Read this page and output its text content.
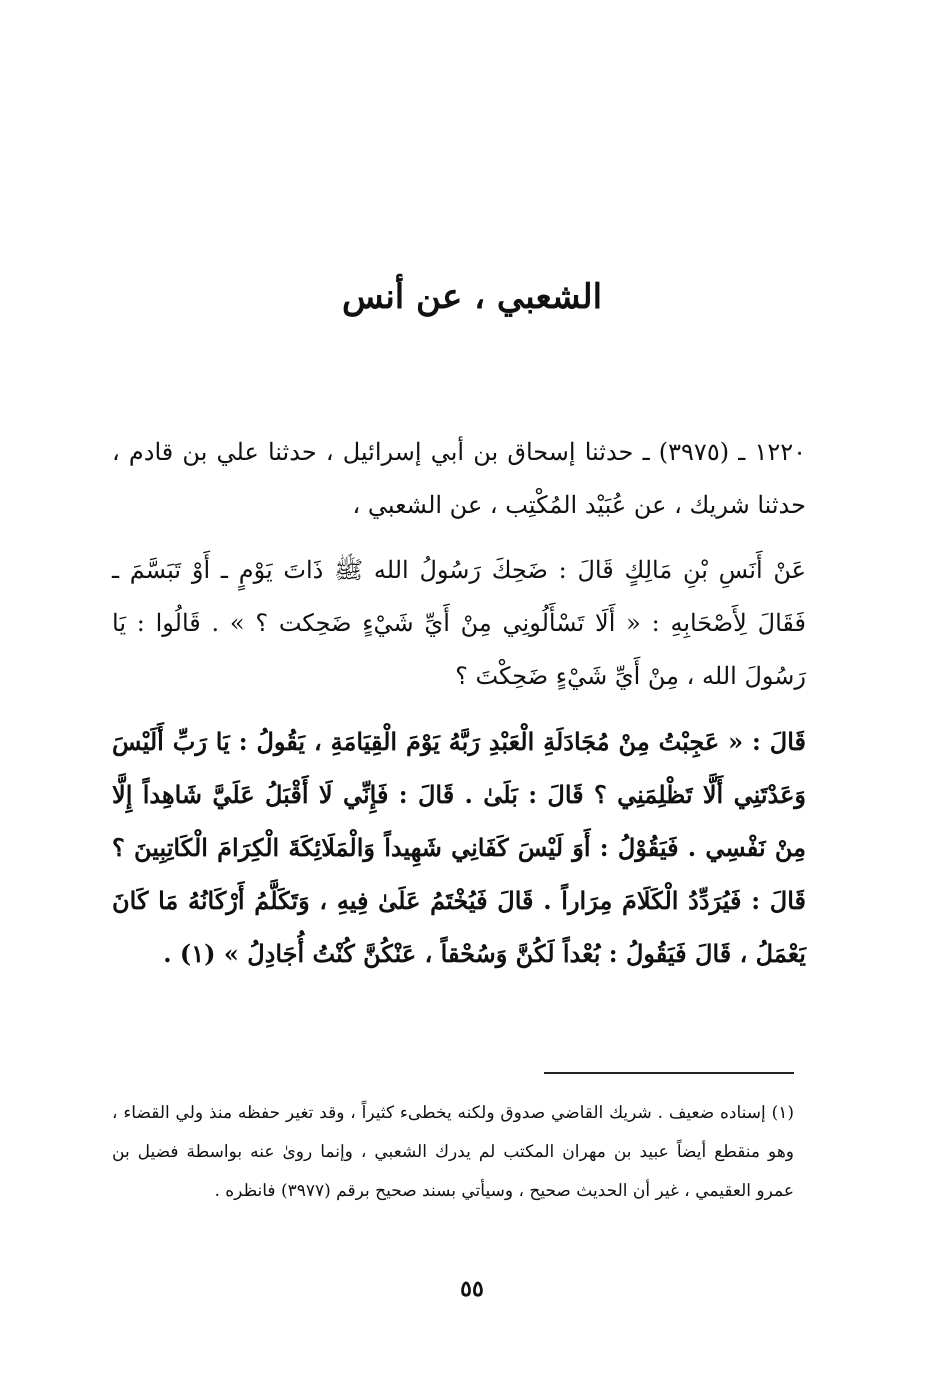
الشعبي ، عن أنس

١٢٢٠ ـ (٣٩٧٥) ـ حدثنا إسحاق بن أبي إسرائيل ، حدثنا علي بن قادم ، حدثنا شريك ، عن عُبَيْد المُكْتِب ، عن الشعبي ،

عَنْ أَنَسِ بْنِ مَالِكٍ قَالَ : ضَحِكَ رَسُولُ الله ﷺ ذَاتَ يَوْمٍ ـ أَوْ تَبَسَّمَ ـ فَقَالَ لِأَصْحَابِهِ : « أَلَا تَسْأَلُونِي مِنْ أَيِّ شَيْءٍ ضَحِكت ؟ » . قَالُوا : يَا رَسُولَ الله ، مِنْ أَيِّ شَيْءٍ ضَحِكْتَ ؟

قَالَ : « عَجِبْتُ مِنْ مُجَادَلَةِ الْعَبْدِ رَبَّهُ يَوْمَ الْقِيَامَةِ ، يَقُولُ : يَا رَبِّ أَلَيْسَ وَعَدْتَنِي أَلَّا تَظْلِمَنِي ؟ قَالَ : بَلَىٰ . قَالَ : فَإِنِّي لَا أَقْبَلُ عَلَيَّ شَاهِداً إِلَّا مِنْ نَفْسِي . فَيَقُوْلُ : أَوَ لَيْسَ كَفَانِي شَهِيداً وَالْمَلَائِكَةَ الْكِرَامَ الْكَاتِبِينَ ؟ قَالَ : فَيُرَدِّدُ الْكَلَامَ مِرَاراً . قَالَ فَيُخْتَمُ عَلَىٰ فِيهِ ، وَتَكَلَّمُ أَرْكَانُهُ مَا كَانَ يَعْمَلُ ، قَالَ فَيَقُولُ : بُعْداً لَكُنَّ وَسُحْقاً ، عَنْكُنَّ كُنْتُ أُجَادِلُ » (١) .

(١) إسناده ضعيف . شريك القاضي صدوق ولكنه يخطىء كثيراً ، وقد تغير حفظه منذ ولي القضاء ، وهو منقطع أيضاً عبيد بن مهران المكتب لم يدرك الشعبي ، وإنما روىٰ عنه بواسطة فضيل بن عمرو العقيمي ، غير أن الحديث صحيح ، وسيأتي بسند صحيح برقم (٣٩٧٧) فانظره .

٥٥
